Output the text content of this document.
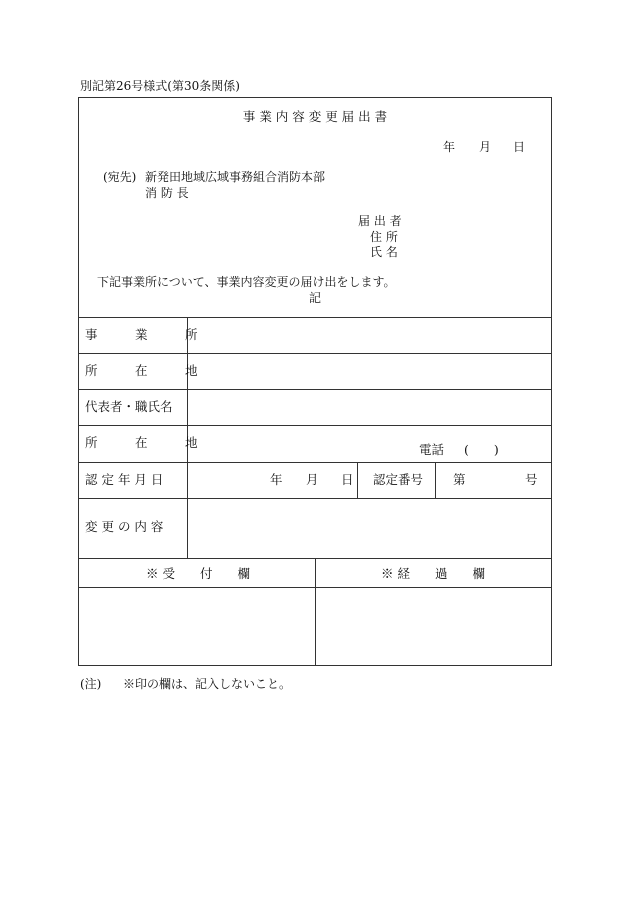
別記第26号様式(第30条関係)
事 業 内 容 変 更 届 出 書
年 月 日
(宛先) 新発田地域広域事務組合消防本部
消 防 長
届 出 者
住 所
氏 名
下記事業所について、事業内容変更の届け出をします。
記
事　　　業　　　所
所　　　在　　　地
代表者・職氏名
所　　　在　　　地
認 定 年 月 日
変 更 の 内 容
電話 (　　)
年 月 日 認定番号 第	号
※ 受　　付　　欄	※ 経　　過　　欄
(注) ※印の欄は、記入しないこと。
